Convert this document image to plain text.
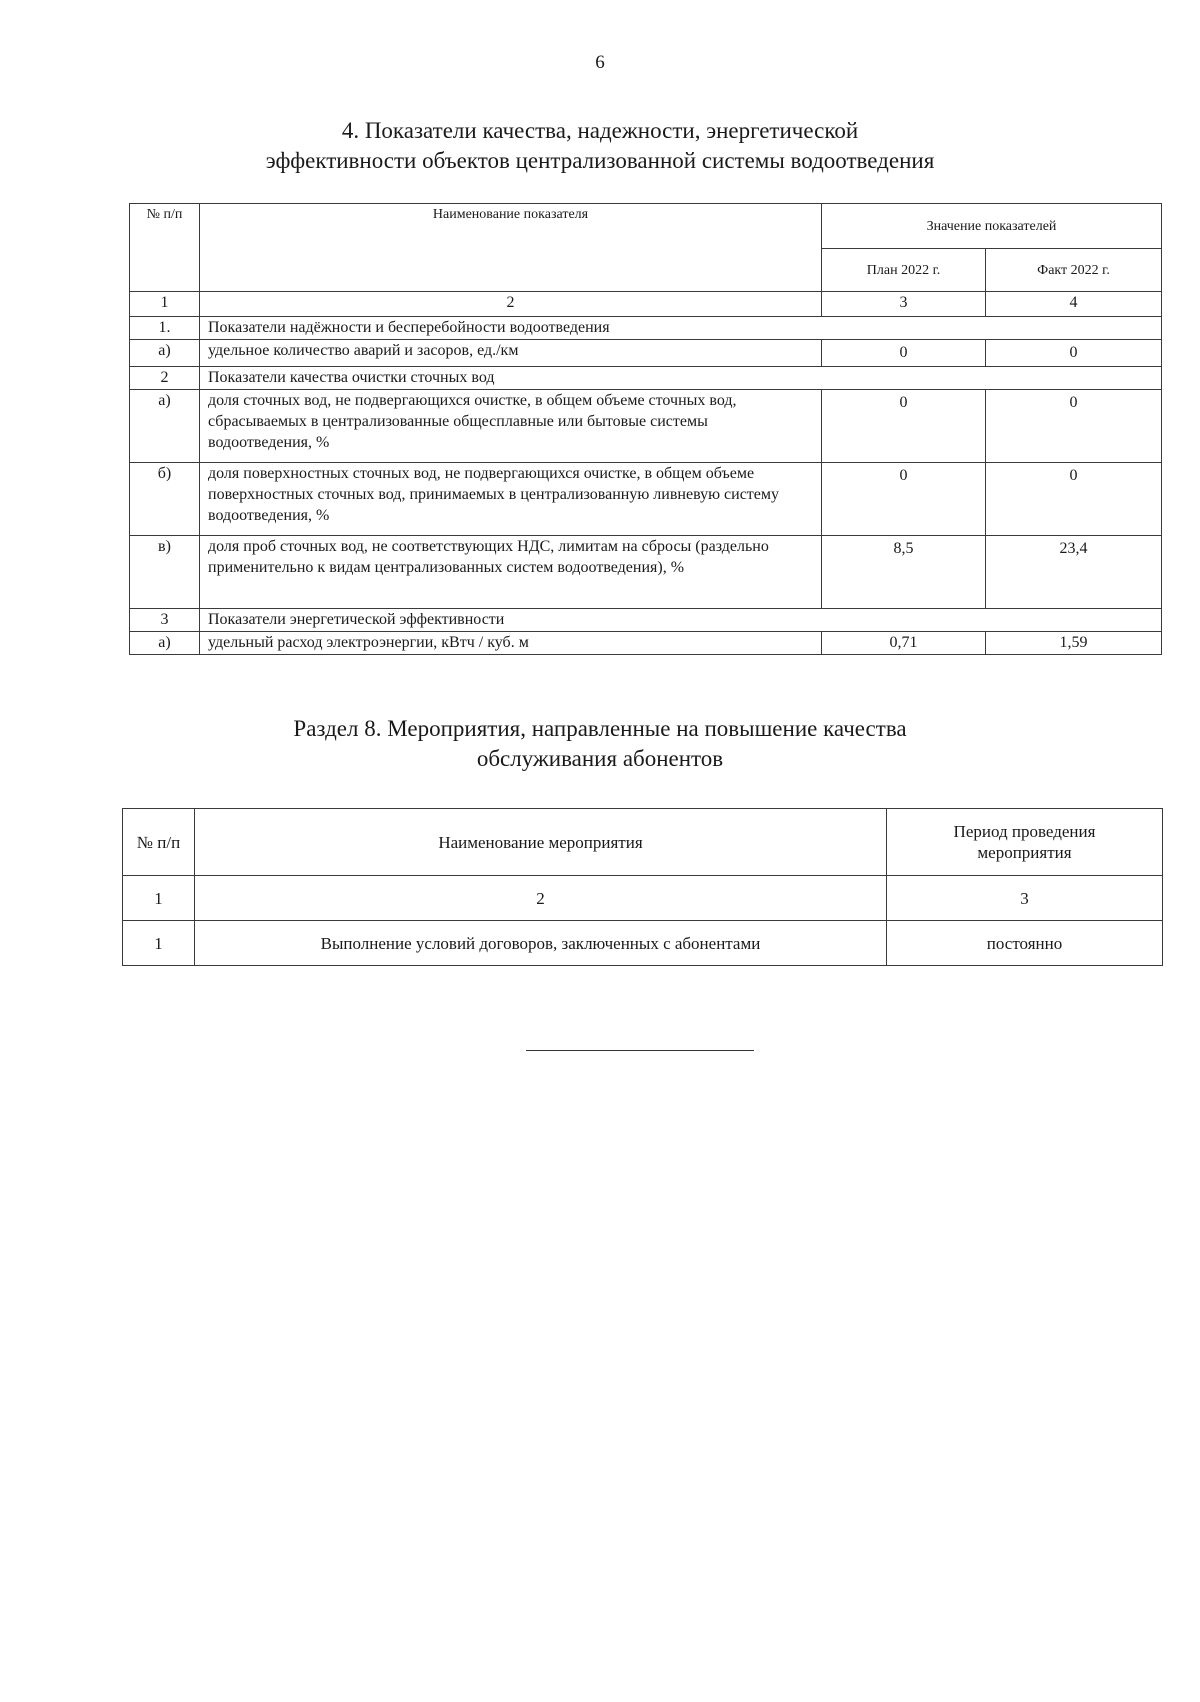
6
4. Показатели качества, надежности, энергетической
эффективности объектов централизованной системы водоотведения
№ п/п	Наименование показателя	Значение показателей	
		План 2022 г.	Факт 2022 г.
1	2	3	4
1.	Показатели надёжности и бесперебойности водоотведения		
а)	удельное количество аварий и засоров, ед./км	0	0
2	Показатели качества очистки сточных вод		
а)	доля сточных вод, не подвергающихся очистке, в общем объеме сточных вод, сбрасываемых в централизованные общесплавные или бытовые системы водоотведения, %	0	0
б)	доля поверхностных сточных вод, не подвергающихся очистке, в общем объеме поверхностных сточных вод, принимаемых в централизованную ливневую систему водоотведения, %	0	0
в)	доля проб сточных вод, не соответствующих НДС, лимитам на сбросы (раздельно применительно к видам централизованных систем водоотведения), %	8,5	23,4
3	Показатели энергетической эффективности		
а)	удельный расход электроэнергии, кВтч / куб. м	0,71	1,59
Раздел 8. Мероприятия, направленные на повышение качества
обслуживания абонентов
№ п/п	Наименование мероприятия	Период проведения мероприятия
1	2	3
1	Выполнение условий договоров, заключенных с абонентами	постоянно
